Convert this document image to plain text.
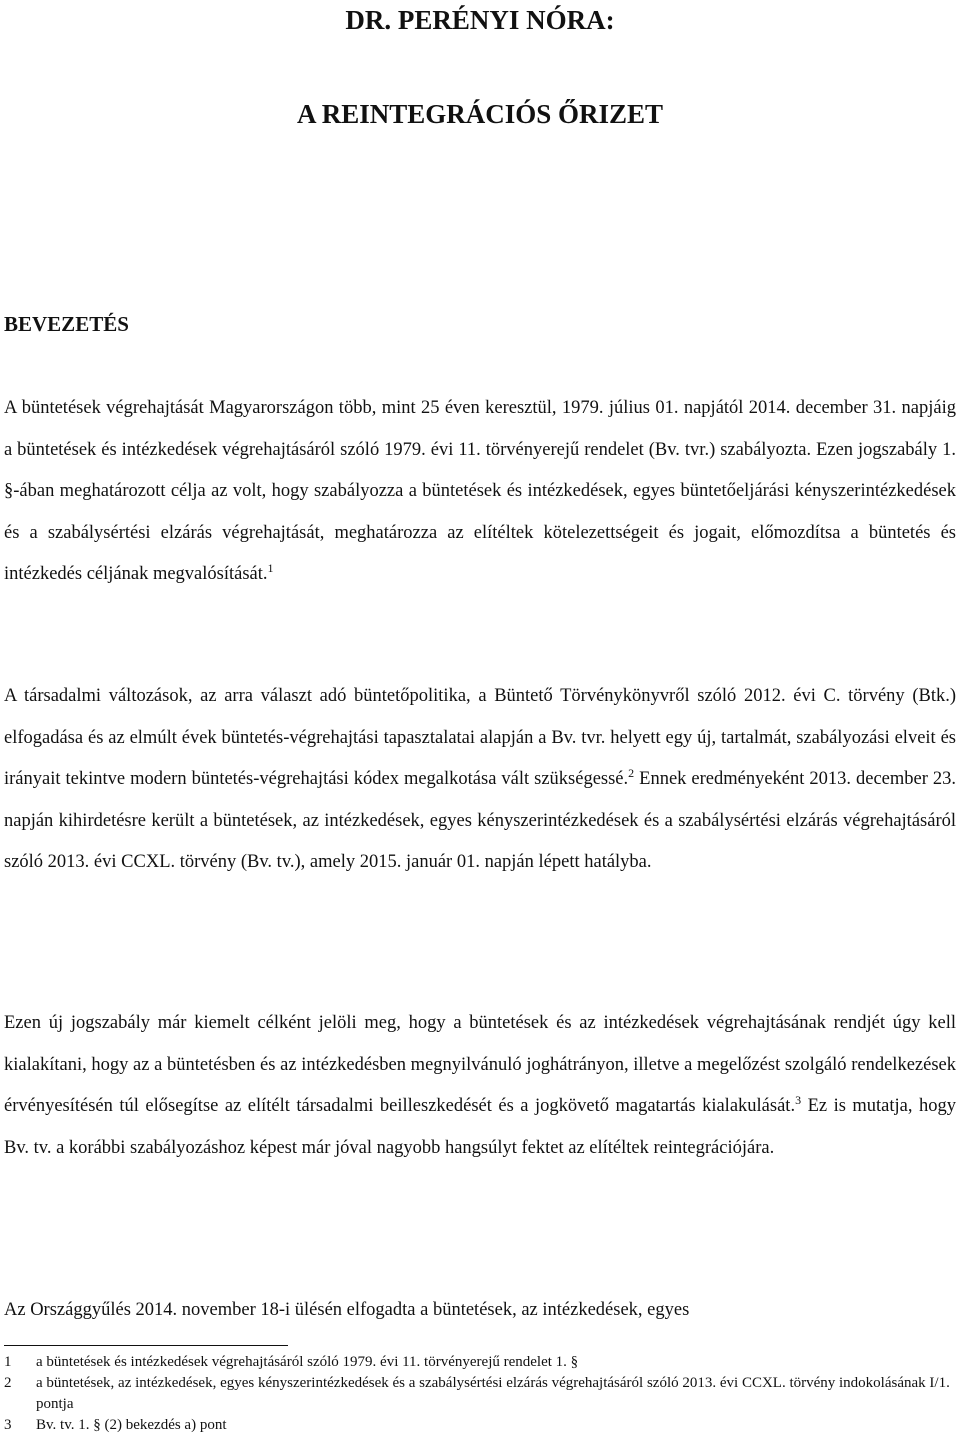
DR. PERÉNYI NÓRA:
A REINTEGRÁCIÓS ŐRIZET
BEVEZETÉS
A büntetések végrehajtását Magyarországon több, mint 25 éven keresztül, 1979. július 01. napjától 2014. december 31. napjáig a büntetések és intézkedések végrehajtásáról szóló 1979. évi 11. törvényerejű rendelet (Bv. tvr.) szabályozta. Ezen jogszabály 1. §-ában meghatározott célja az volt, hogy szabályozza a büntetések és intézkedések, egyes büntetőeljárási kényszerintézkedések és a szabálysértési elzárás végrehajtását, meghatározza az elítéltek kötelezettségeit és jogait, előmozdítsa a büntetés és intézkedés céljának megvalósítását.$^1$
A társadalmi változások, az arra választ adó büntetőpolitika, a Büntető Törvénykönyvről szóló 2012. évi C. törvény (Btk.) elfogadása és az elmúlt évek büntetés-végrehajtási tapasztalatai alapján a Bv. tvr. helyett egy új, tartalmát, szabályozási elveit és irányait tekintve modern büntetés-végrehajtási kódex megalkotása vált szükségessé.$^2$ Ennek eredményeként 2013. december 23. napján kihirdetésre került a büntetések, az intézkedések, egyes kényszerintézkedések és a szabálysértési elzárás végrehajtásáról szóló 2013. évi CCXL. törvény (Bv. tv.), amely 2015. január 01. napján lépett hatályba.
Ezen új jogszabály már kiemelt célként jelöli meg, hogy a büntetések és az intézkedések végrehajtásának rendjét úgy kell kialakítani, hogy az a büntetésben és az intézkedésben megnyilvánuló joghátrányon, illetve a megelőzést szolgáló rendelkezések érvényesítésén túl elősegítse az elítélt társadalmi beilleszkedését és a jogkövető magatartás kialakulását.$^3$ Ez is mutatja, hogy Bv. tv. a korábbi szabályozáshoz képest már jóval nagyobb hangsúlyt fektet az elítéltek reintegrációjára.
Az Országgyűlés 2014. november 18-i ülésén elfogadta a büntetések, az intézkedések, egyes
1	a büntetések és intézkedések végrehajtásáról szóló 1979. évi 11. törvényerejű rendelet 1. §
2	a büntetések, az intézkedések, egyes kényszerintézkedések és a szabálysértési elzárás végrehajtásáról szóló 2013. évi CCXL. törvény indokolásának I/1. pontja
3	Bv. tv. 1. § (2) bekezdés a) pont
